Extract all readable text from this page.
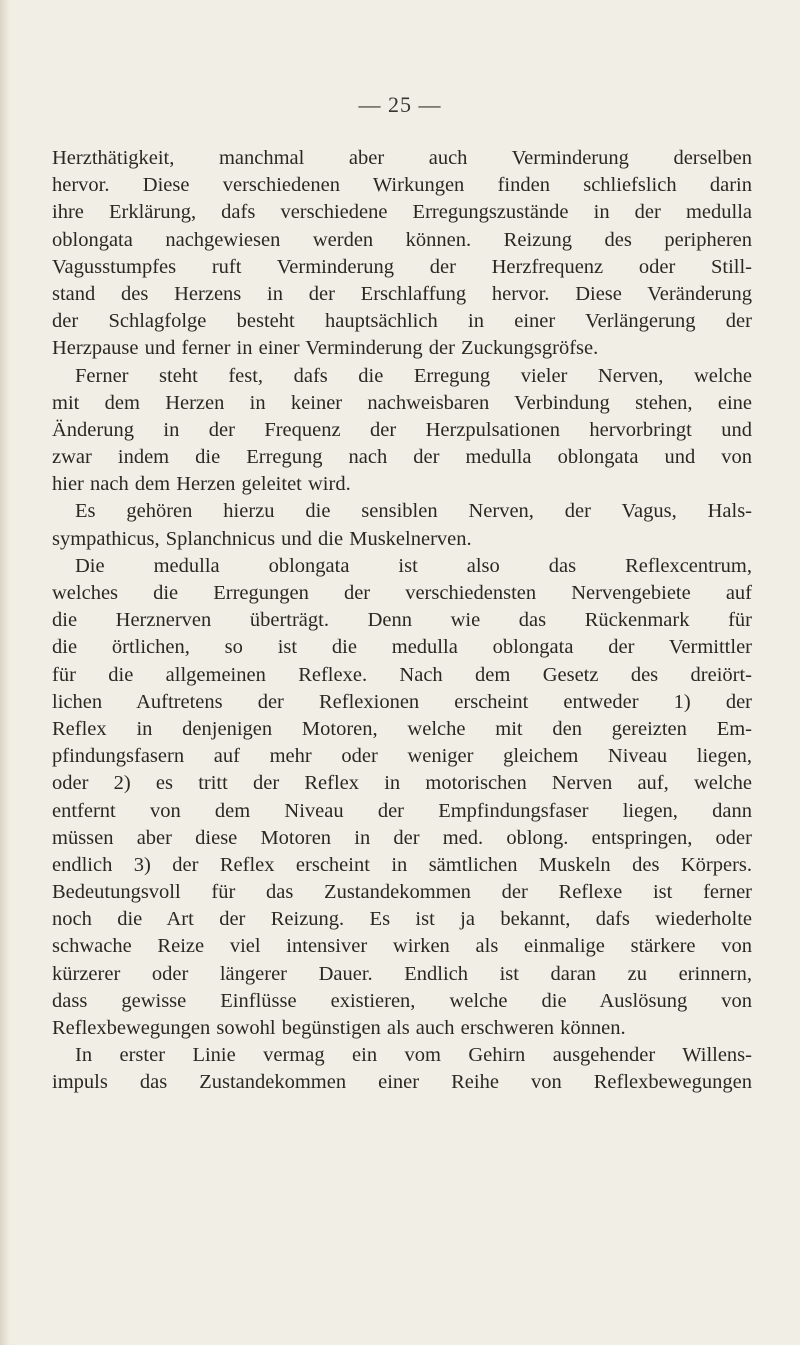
— 25 —
Herzthätigkeit, manchmal aber auch Verminderung derselben
hervor. Diese verschiedenen Wirkungen finden schliefslich darin
ihre Erklärung, dafs verschiedene Erregungszustände in der medulla
oblongata nachgewiesen werden können. Reizung des peripheren
Vagusstumpfes ruft Verminderung der Herzfrequenz oder Still-
stand des Herzens in der Erschlaffung hervor. Diese Veränderung
der Schlagfolge besteht hauptsächlich in einer Verlängerung der
Herzpause und ferner in einer Verminderung der Zuckungsgröfse.
Ferner steht fest, dafs die Erregung vieler Nerven, welche
mit dem Herzen in keiner nachweisbaren Verbindung stehen, eine
Änderung in der Frequenz der Herzpulsationen hervorbringt und
zwar indem die Erregung nach der medulla oblongata und von
hier nach dem Herzen geleitet wird.
Es gehören hierzu die sensiblen Nerven, der Vagus, Hals-
sympathicus, Splanchnicus und die Muskelnerven.
Die medulla oblongata ist also das Reflexcentrum,
welches die Erregungen der verschiedensten Nervengebiete auf
die Herznerven überträgt. Denn wie das Rückenmark für
die örtlichen, so ist die medulla oblongata der Vermittler
für die allgemeinen Reflexe. Nach dem Gesetz des dreiört-
lichen Auftretens der Reflexionen erscheint entweder 1) der
Reflex in denjenigen Motoren, welche mit den gereizten Em-
pfindungsfasern auf mehr oder weniger gleichem Niveau liegen,
oder 2) es tritt der Reflex in motorischen Nerven auf, welche
entfernt von dem Niveau der Empfindungsfaser liegen, dann
müssen aber diese Motoren in der med. oblong. entspringen, oder
endlich 3) der Reflex erscheint in sämtlichen Muskeln des Körpers.
Bedeutungsvoll für das Zustandekommen der Reflexe ist ferner
noch die Art der Reizung. Es ist ja bekannt, dafs wiederholte
schwache Reize viel intensiver wirken als einmalige stärkere von
kürzerer oder längerer Dauer. Endlich ist daran zu erinnern,
dass gewisse Einflüsse existieren, welche die Auslösung von
Reflexbewegungen sowohl begünstigen als auch erschweren können.
In erster Linie vermag ein vom Gehirn ausgehender Willens-
impuls das Zustandekommen einer Reihe von Reflexbewegungen
